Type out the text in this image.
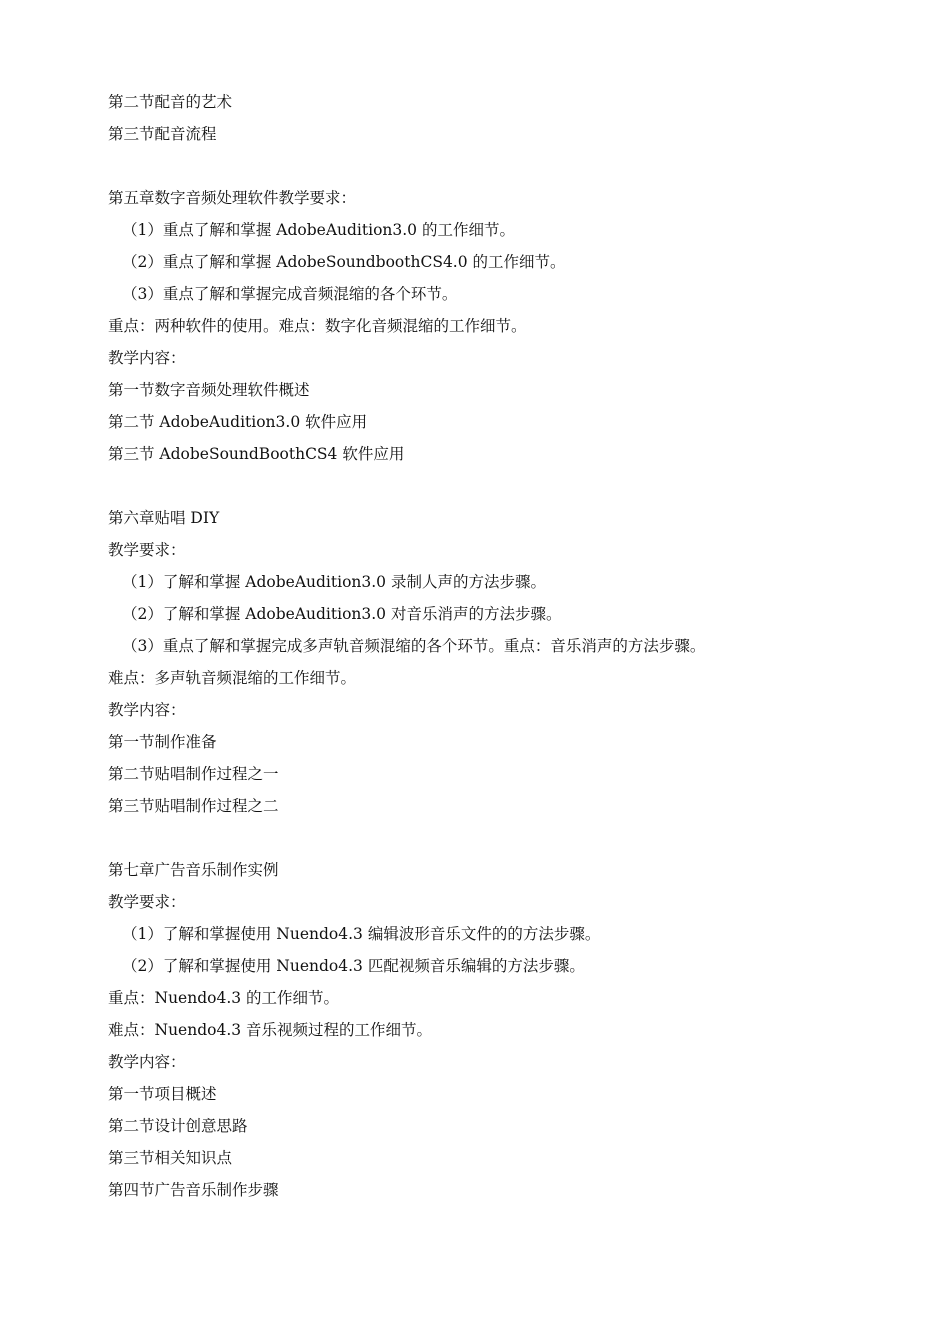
第二节配音的艺术
第三节配音流程
第五章数字音频处理软件教学要求：
（1）重点了解和掌握 AdobeAudition3.0 的工作细节。
（2）重点了解和掌握 AdobeSoundboothCS4.0 的工作细节。
（3）重点了解和掌握完成音频混缩的各个环节。
重点：两种软件的使用。难点：数字化音频混缩的工作细节。
教学内容：
第一节数字音频处理软件概述
第二节 AdobeAudition3.0 软件应用
第三节 AdobeSoundBoothCS4 软件应用
第六章贴唱 DIY
教学要求：
（1）了解和掌握 AdobeAudition3.0 录制人声的方法步骤。
（2）了解和掌握 AdobeAudition3.0 对音乐消声的方法步骤。
（3）重点了解和掌握完成多声轨音频混缩的各个环节。重点：音乐消声的方法步骤。
难点：多声轨音频混缩的工作细节。
教学内容：
第一节制作准备
第二节贴唱制作过程之一
第三节贴唱制作过程之二
第七章广告音乐制作实例
教学要求：
（1）了解和掌握使用 Nuendo4.3 编辑波形音乐文件的的方法步骤。
（2）了解和掌握使用 Nuendo4.3 匹配视频音乐编辑的方法步骤。
重点：Nuendo4.3 的工作细节。
难点：Nuendo4.3 音乐视频过程的工作细节。
教学内容：
第一节项目概述
第二节设计创意思路
第三节相关知识点
第四节广告音乐制作步骤
